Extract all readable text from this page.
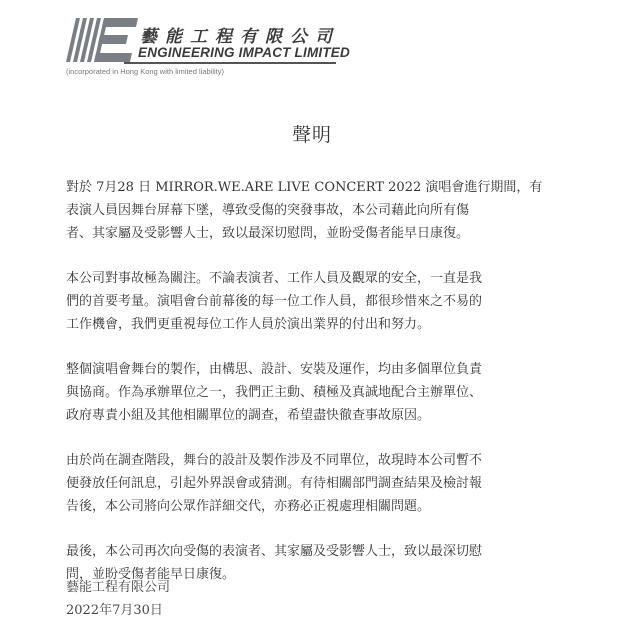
藝能工程有限公司
ENGINEERING IMPACT LIMITED
(incorporated in Hong Kong with limited liability)
聲明
對於 7月28 日 MIRROR.WE.ARE LIVE CONCERT 2022 演唱會進行期間，有
表演人員因舞台屏幕下墜，導致受傷的突發事故，本公司藉此向所有傷
者、其家屬及受影響人士，致以最深切慰問，並盼受傷者能早日康復。
本公司對事故極為關注。不論表演者、工作人員及觀眾的安全，一直是我
們的首要考量。演唱會台前幕後的每一位工作人員，都很珍惜來之不易的
工作機會，我們更重視每位工作人員於演出業界的付出和努力。
整個演唱會舞台的製作，由構思、設計、安裝及運作，均由多個單位負責
與協商。作為承辦單位之一，我們正主動、積極及真誠地配合主辦單位、
政府專責小組及其他相關單位的調查，希望盡快徹查事故原因。
由於尚在調查階段，舞台的設計及製作涉及不同單位，故現時本公司暫不
便發放任何訊息，引起外界誤會或猜測。有待相關部門調查結果及檢討報
告後，本公司將向公眾作詳細交代，亦務必正視處理相關問題。
最後，本公司再次向受傷的表演者、其家屬及受影響人士，致以最深切慰
問，並盼受傷者能早日康復。
藝能工程有限公司
2022年7月30日
